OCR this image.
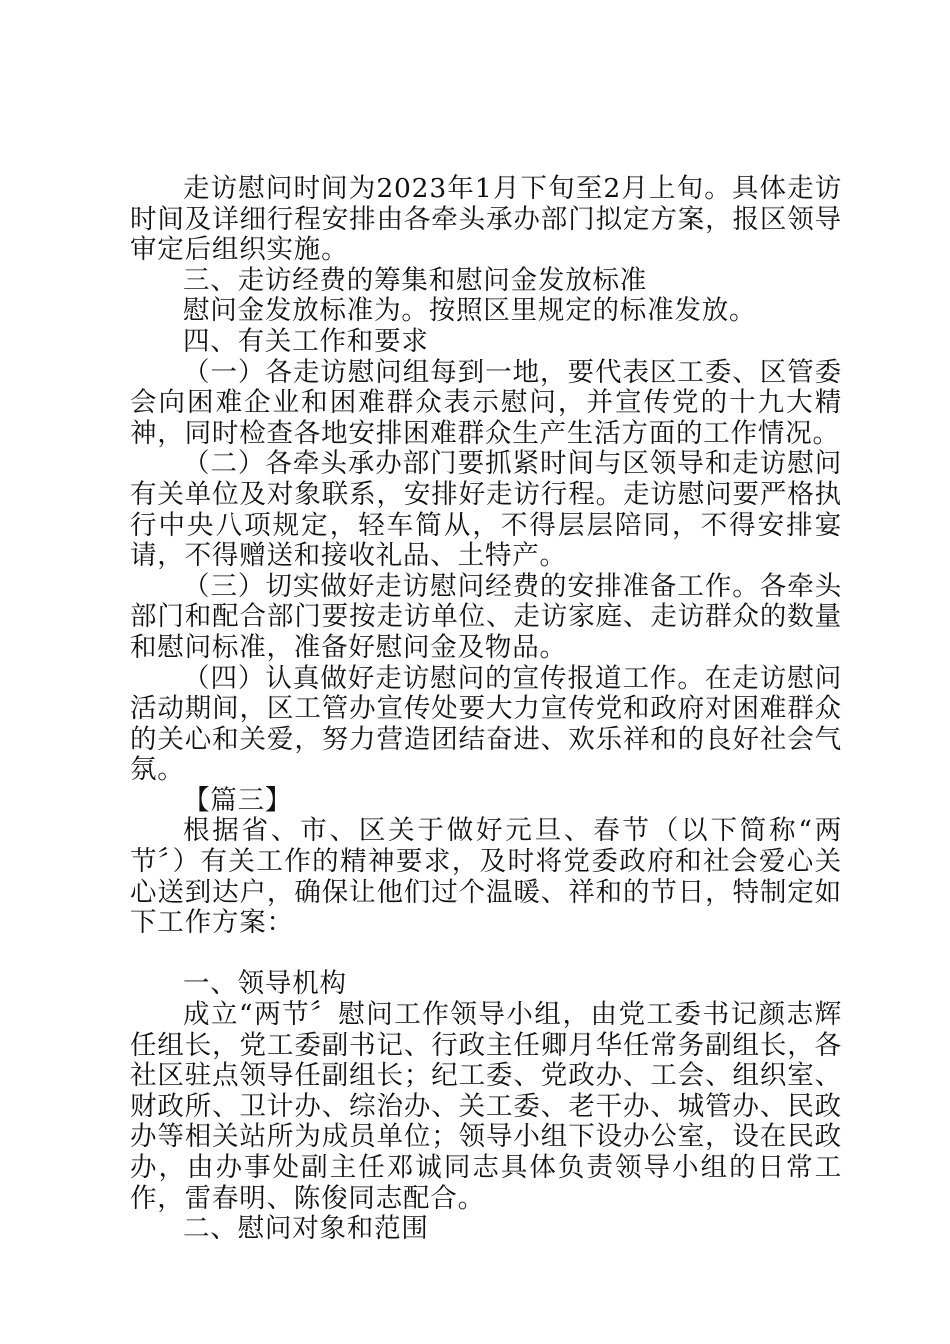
走访慰问时间为2023年1月下旬至2月上旬。具体走访时间及详细行程安排由各牵头承办部门拟定方案，报区领导审定后组织实施。

三、走访经费的筹集和慰问金发放标准

慰问金发放标准为。按照区里规定的标准发放。

四、有关工作和要求

（一）各走访慰问组每到一地，要代表区工委、区管委会向困难企业和困难群众表示慰问，并宣传党的十九大精神，同时检查各地安排困难群众生产生活方面的工作情况。

（二）各牵头承办部门要抓紧时间与区领导和走访慰问有关单位及对象联系，安排好走访行程。走访慰问要严格执行中央八项规定，轻车简从，不得层层陪同，不得安排宴请，不得赠送和接收礼品、土特产。

（三）切实做好走访慰问经费的安排准备工作。各牵头部门和配合部门要按走访单位、走访家庭、走访群众的数量和慰问标准，准备好慰问金及物品。

（四）认真做好走访慰问的宣传报道工作。在走访慰问活动期间，区工管办宣传处要大力宣传党和政府对困难群众的关心和关爱，努力营造团结奋进、欢乐祥和的良好社会气氛。

【篇三】

根据省、市、区关于做好元旦、春节（以下简称“两节〞）有关工作的精神要求，及时将党委政府和社会爱心关心送到达户，确保让他们过个温暖、祥和的节日，特制定如下工作方案：

一、领导机构

成立“两节〞慰问工作领导小组，由党工委书记颜志辉任组长，党工委副书记、行政主任卿月华任常务副组长，各社区驻点领导任副组长；纪工委、党政办、工会、组织室、财政所、卫计办、综治办、关工委、老干办、城管办、民政办等相关站所为成员单位；领导小组下设办公室，设在民政办，由办事处副主任邓诚同志具体负责领导小组的日常工作，雷春明、陈俊同志配合。

二、慰问对象和范围
